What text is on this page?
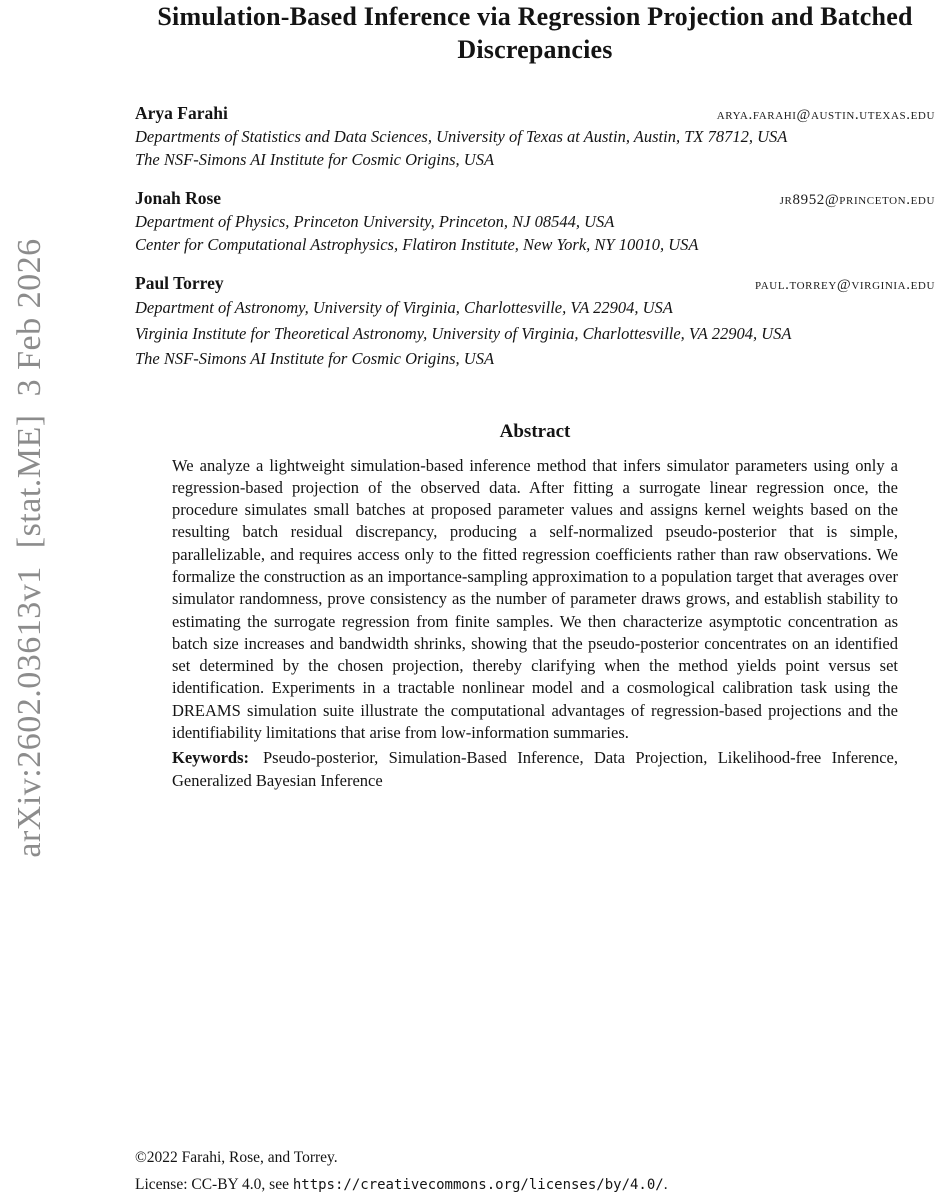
arXiv:2602.03613v1  [stat.ME]  3 Feb 2026
Simulation-Based Inference via Regression Projection and Batched Discrepancies
Arya Farahi	arya.farahi@austin.utexas.edu
Departments of Statistics and Data Sciences, University of Texas at Austin, Austin, TX 78712, USA
The NSF-Simons AI Institute for Cosmic Origins, USA
Jonah Rose	jr8952@princeton.edu
Department of Physics, Princeton University, Princeton, NJ 08544, USA
Center for Computational Astrophysics, Flatiron Institute, New York, NY 10010, USA
Paul Torrey	paul.torrey@virginia.edu
Department of Astronomy, University of Virginia, Charlottesville, VA 22904, USA
Virginia Institute for Theoretical Astronomy, University of Virginia, Charlottesville, VA 22904, USA
The NSF-Simons AI Institute for Cosmic Origins, USA
Abstract

We analyze a lightweight simulation-based inference method that infers simulator parameters using only a regression-based projection of the observed data. After fitting a surrogate linear regression once, the procedure simulates small batches at proposed parameter values and assigns kernel weights based on the resulting batch residual discrepancy, producing a self-normalized pseudo-posterior that is simple, parallelizable, and requires access only to the fitted regression coefficients rather than raw observations. We formalize the construction as an importance-sampling approximation to a population target that averages over simulator randomness, prove consistency as the number of parameter draws grows, and establish stability to estimating the surrogate regression from finite samples. We then characterize asymptotic concentration as batch size increases and bandwidth shrinks, showing that the pseudo-posterior concentrates on an identified set determined by the chosen projection, thereby clarifying when the method yields point versus set identification. Experiments in a tractable nonlinear model and a cosmological calibration task using the DREAMS simulation suite illustrate the computational advantages of regression-based projections and the identifiability limitations that arise from low-information summaries.

Keywords: Pseudo-posterior, Simulation-Based Inference, Data Projection, Likelihood-free Inference, Generalized Bayesian Inference

©2022 Farahi, Rose, and Torrey.
License: CC-BY 4.0, see https://creativecommons.org/licenses/by/4.0/.
